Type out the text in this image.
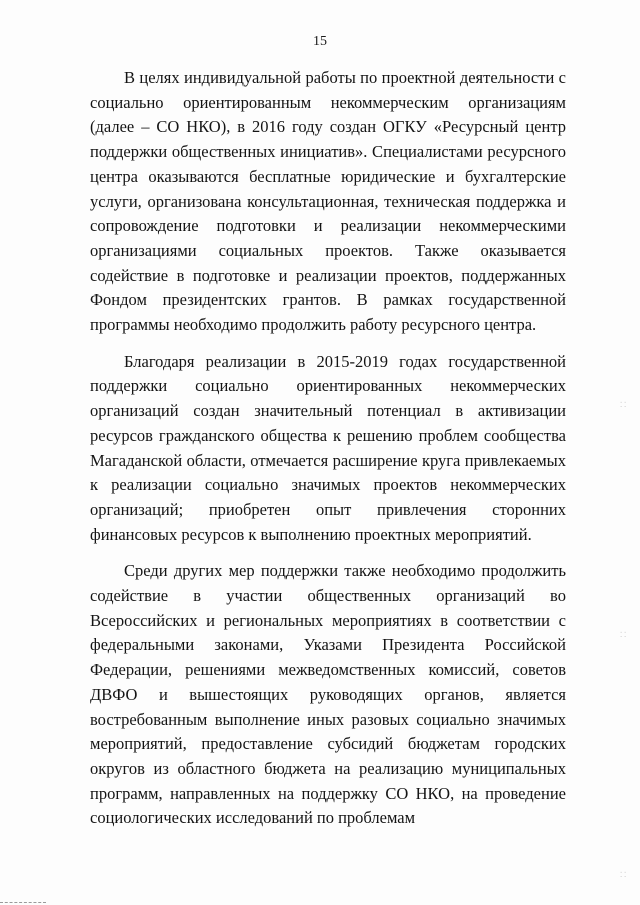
15

В целях индивидуальной работы по проектной деятельности с социально ориентированным некоммерческим организациям (далее – СО НКО), в 2016 году создан ОГКУ «Ресурсный центр поддержки общественных инициатив». Специалистами ресурсного центра оказываются бесплатные юридические и бухгалтерские услуги, организована консультационная, техническая поддержка и сопровождение подготовки и реализации некоммерческими организациями социальных проектов. Также оказывается содействие в подготовке и реализации проектов, поддержанных Фондом президентских грантов. В рамках государственной программы необходимо продолжить работу ресурсного центра.

Благодаря реализации в 2015-2019 годах государственной поддержки социально ориентированных некоммерческих организаций создан значительный потенциал в активизации ресурсов гражданского общества к решению проблем сообщества Магаданской области, отмечается расширение круга привлекаемых к реализации социально значимых проектов некоммерческих организаций; приобретен опыт привлечения сторонних финансовых ресурсов к выполнению проектных мероприятий.

Среди других мер поддержки также необходимо продолжить содействие в участии общественных организаций во Всероссийских и региональных мероприятиях в соответствии с федеральными законами, Указами Президента Российской Федерации, решениями межведомственных комиссий, советов ДВФО и вышестоящих руководящих органов, является востребованным выполнение иных разовых социально значимых мероприятий, предоставление субсидий бюджетам городских округов из областного бюджета на реализацию муниципальных программ, направленных на поддержку СО НКО, на проведение социологических исследований по проблемам

⁚ ⁚
⁚ ⁚
⁚ ⁚
